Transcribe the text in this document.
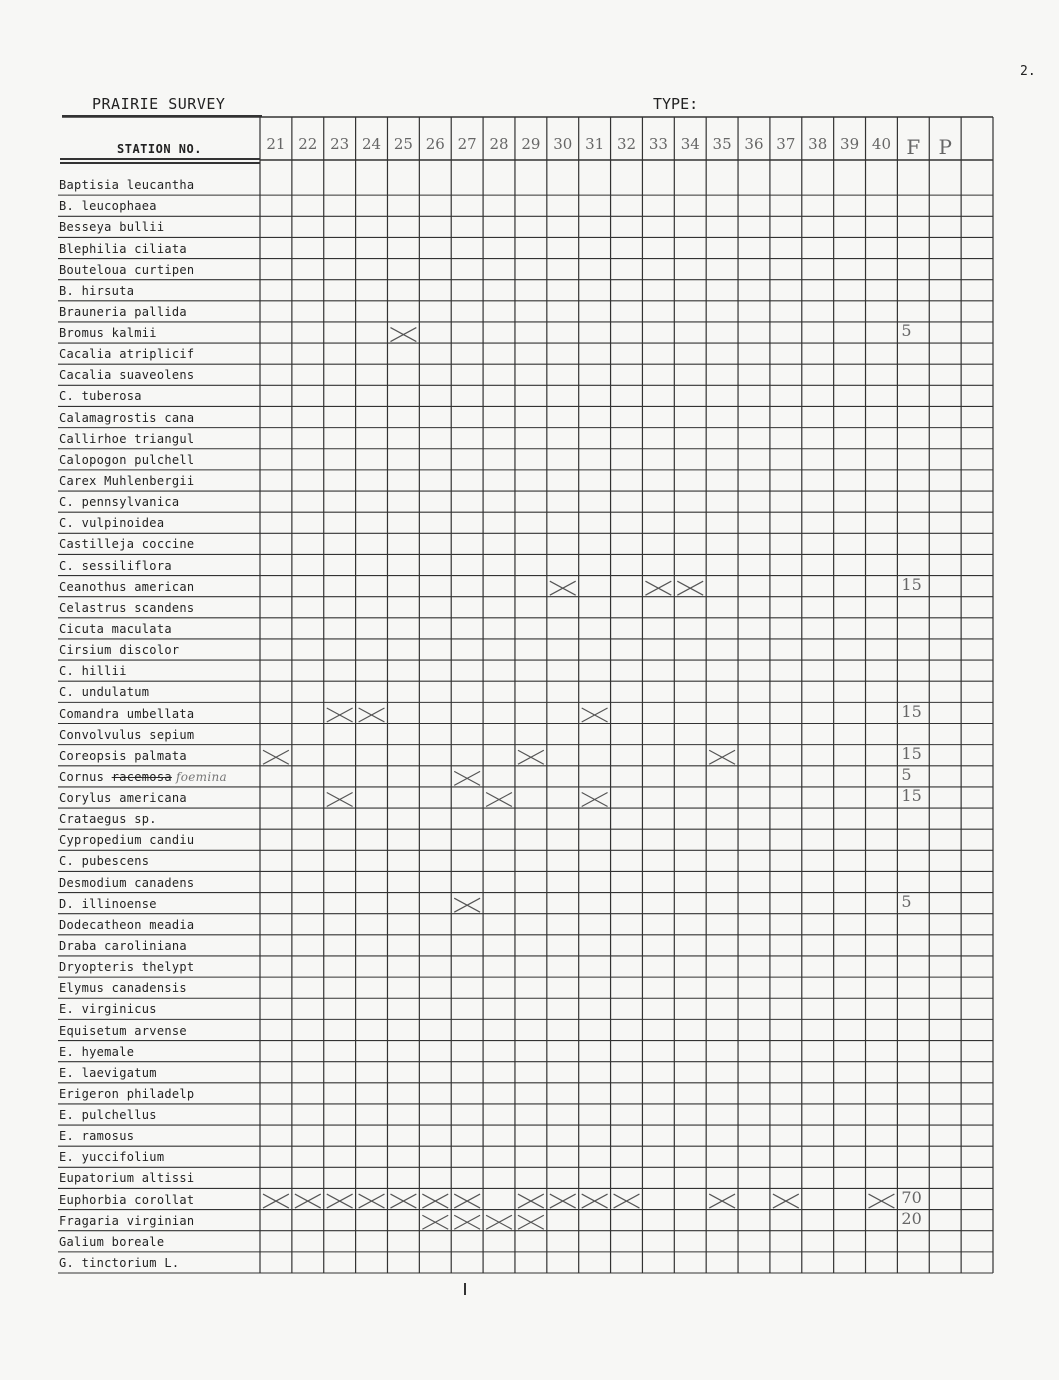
2.
PRAIRIE SURVEY	TYPE:
STATION NO.
Baptisia leucantha
B. leucophaea
Besseya bullii
Blephilia ciliata
Bouteloua curtipen
B. hirsuta
Brauneria pallida
Bromus kalmii
Cacalia atriplicif
Cacalia suaveolens
C. tuberosa
Calamagrostis cana
Callirhoe triangul
Calopogon pulchell
Carex Muhlenbergii
C. pennsylvanica
C. vulpinoidea
Castilleja coccine
C. sessiliflora
Ceanothus american
Celastrus scandens
Cicuta maculata
Cirsium discolor
C. hillii
C. undulatum
Comandra umbellata
Convolvulus sepium
Coreopsis palmata
Cornus racemosa foemina
Corylus americana
Crataegus sp.
Cypropedium candiu
C. pubescens
Desmodium canadens
D. illinoense
Dodecatheon meadia
Draba caroliniana
Dryopteris thelypt
Elymus canadensis
E. virginicus
Equisetum arvense
E. hyemale
E. laevigatum
Erigeron philadelp
E. pulchellus
E. ramosus
E. yuccifolium
Eupatorium altissi
Euphorbia corollat
Fragaria virginian
Galium boreale
G. tinctorium L.
21 22 23 24 25 26 27 28 29 30 31 32 33 34 35 36 37 38 39 40 F P
5
15
15
15
5
15
5
70
20
